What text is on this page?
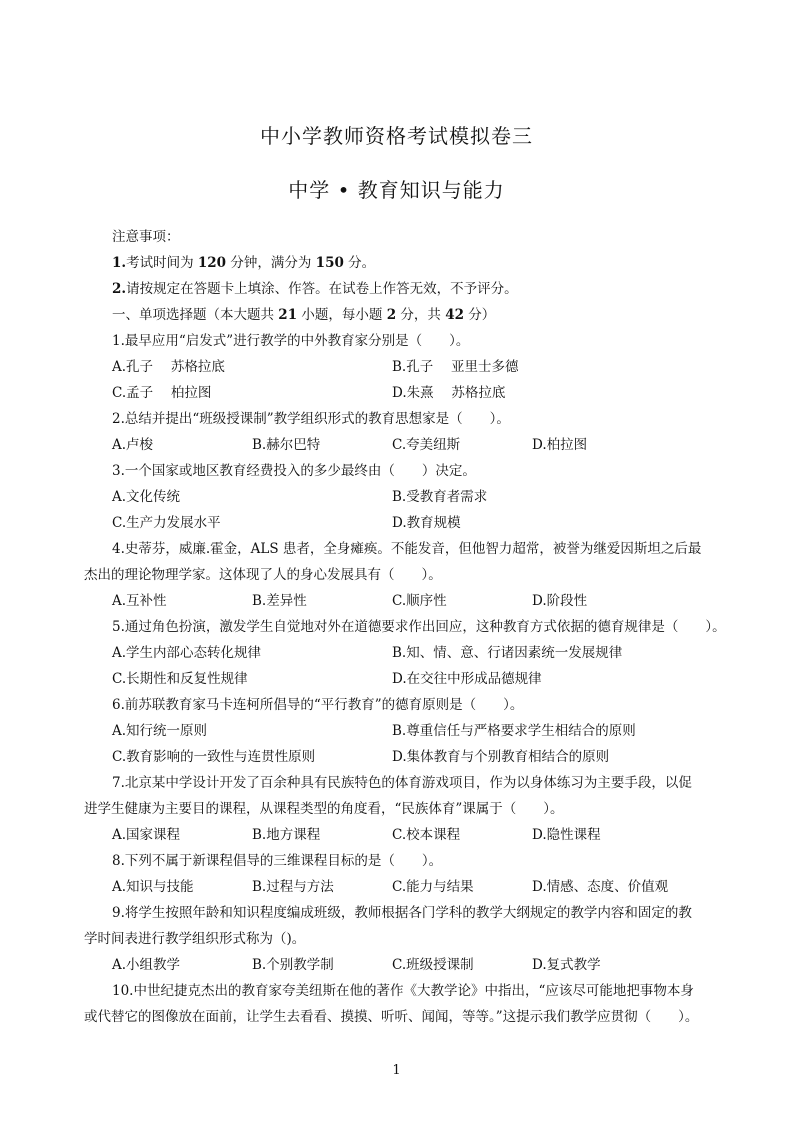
中小学教师资格考试模拟卷三
中学 • 教育知识与能力
注意事项：
1.考试时间为 120 分钟，满分为 150 分。
2.请按规定在答题卡上填涂、作答。在试卷上作答无效，不予评分。
一、单项选择题（本大题共 21 小题，每小题 2 分，共 42 分）
1.最早应用“启发式”进行教学的中外教育家分别是（　　）。
A.孔子　 苏格拉底	B.孔子　 亚里士多德
C.孟子　 柏拉图	D.朱熹　 苏格拉底
2.总结并提出“班级授课制”教学组织形式的教育思想家是（　　）。
A.卢梭	B.赫尔巴特	C.夸美纽斯	D.柏拉图
3.一个国家或地区教育经费投入的多少最终由（　　）决定。
A.文化传统	B.受教育者需求
C.生产力发展水平	D.教育规模
4.史蒂芬，威廉.霍金，ALS 患者，全身瘫痪。不能发音，但他智力超常，被誉为继爱因斯坦之后最
杰出的理论物理学家。这体现了人的身心发展具有（　　）。
A.互补性	B.差异性	C.顺序性	D.阶段性
5.通过角色扮演，激发学生自觉地对外在道德要求作出回应，这种教育方式依据的德育规律是（　　）。
A.学生内部心态转化规律	B.知、情、意、行诸因素统一发展规律
C.长期性和反复性规律	D.在交往中形成品德规律
6.前苏联教育家马卡连柯所倡导的“平行教育”的德育原则是（　　）。
A.知行统一原则	B.尊重信任与严格要求学生相结合的原则
C.教育影响的一致性与连贯性原则	D.集体教育与个别教育相结合的原则
7.北京某中学设计开发了百余种具有民族特色的体育游戏项目，作为以身体练习为主要手段，以促
进学生健康为主要目的课程，从课程类型的角度看，“民族体育”课属于（　　）。
A.国家课程	B.地方课程	C.校本课程	D.隐性课程
8.下列不属于新课程倡导的三维课程目标的是（　　）。
A.知识与技能	B.过程与方法	C.能力与结果	D.情感、态度、价值观
9.将学生按照年龄和知识程度编成班级，教师根据各门学科的教学大纲规定的教学内容和固定的教
学时间表进行教学组织形式称为（)。
A.小组教学	B.个别教学制	C.班级授课制	D.复式教学
10.中世纪捷克杰出的教育家夸美纽斯在他的著作《大教学论》中指出，“应该尽可能地把事物本身
或代替它的图像放在面前，让学生去看看、摸摸、听听、闻闻，等等。”这提示我们教学应贯彻（　　）。
1
